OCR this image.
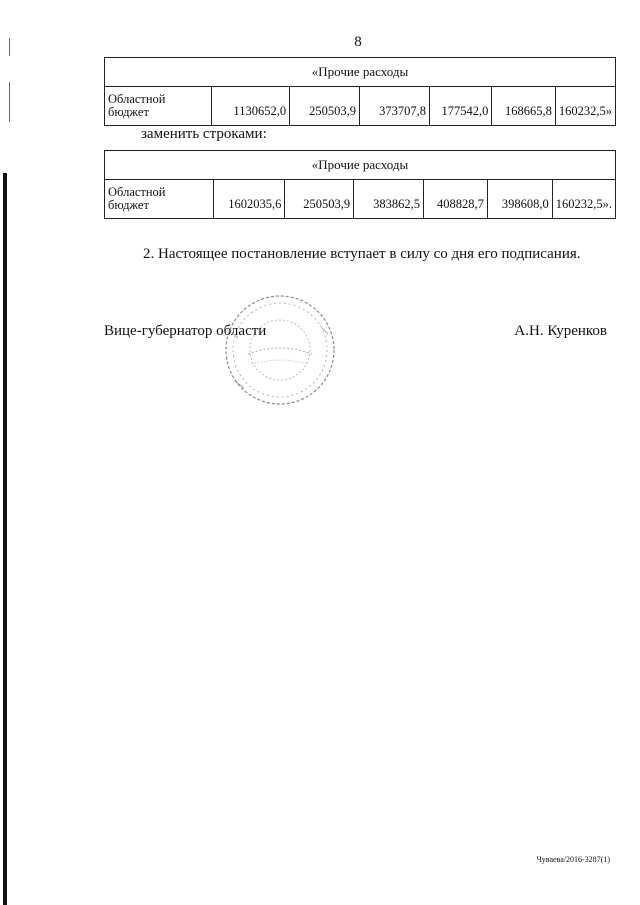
8
«Прочие расходы
Областной
бюджет	1130652,0	250503,9	373707,8	177542,0	168665,8	160232,5»
заменить строками:
«Прочие расходы
Областной
бюджет	1602035,6	250503,9	383862,5	408828,7	398608,0	160232,5».
2. Настоящее постановление вступает в силу со дня его подписания.
Вице-губернатор области	А.Н. Куренков
Чуваева/2016-3287(1)
